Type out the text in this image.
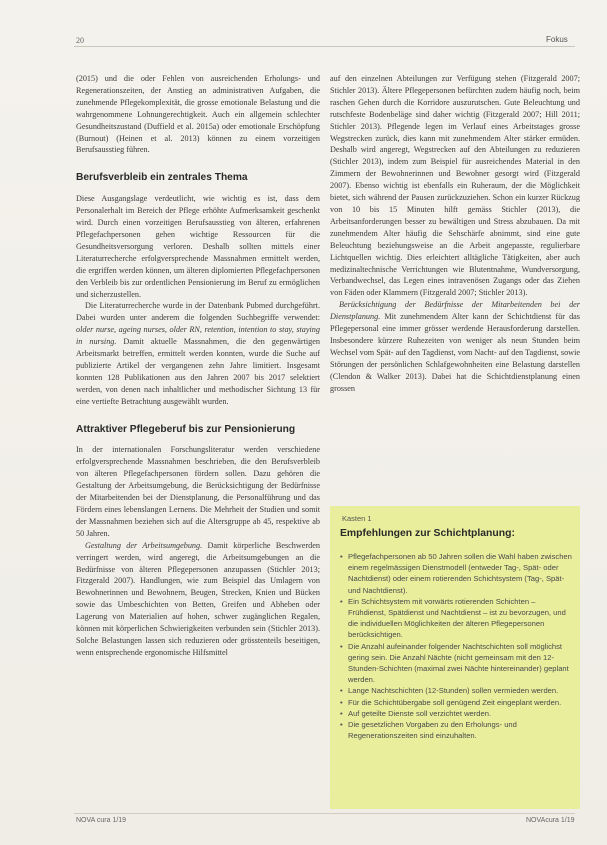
20	Fokus

(2015) und die oder Fehlen von ausreichenden Erholungs- und Regenerationszeiten, der Anstieg an administrativen Aufgaben, die zunehmende Pflegekomplexität, die grosse emotionale Belastung und die wahrgenommene Lohnungerechtigkeit. Auch ein allgemein schlechter Gesundheitszustand (Duffield et al. 2015a) oder emotionale Erschöpfung (Burnout) (Heinen et al. 2013) können zu einem vorzeitigen Berufsausstieg führen.

Berufsverbleib ein zentrales Thema

Diese Ausgangslage verdeutlicht, wie wichtig es ist, dass dem Personalerhalt im Bereich der Pflege erhöhte Aufmerksamkeit geschenkt wird. Durch einen vorzeitigen Berufsausstieg von älteren, erfahrenen Pflegefachpersonen gehen wichtige Ressourcen für die Gesundheitsversorgung verloren. Deshalb sollten mittels einer Literaturrecherche erfolgversprechende Massnahmen ermittelt werden, die ergriffen werden können, um älteren diplomierten Pflegefachpersonen den Verbleib bis zur ordentlichen Pensionierung im Beruf zu ermöglichen und sicherzustellen.

Die Literaturrecherche wurde in der Datenbank Pubmed durchgeführt. Dabei wurden unter anderem die folgenden Suchbegriffe verwendet: older nurse, ageing nurses, older RN, retention, intention to stay, staying in nursing. Damit aktuelle Massnahmen, die den gegenwärtigen Arbeitsmarkt betreffen, ermittelt werden konnten, wurde die Suche auf publizierte Artikel der vergangenen zehn Jahre limitiert. Insgesamt konnten 128 Publikationen aus den Jahren 2007 bis 2017 selektiert werden, von denen nach inhaltlicher und methodischer Sichtung 13 für eine vertiefte Betrachtung ausgewählt wurden.

Attraktiver Pflegeberuf bis zur Pensionierung

In der internationalen Forschungsliteratur werden verschiedene erfolgversprechende Massnahmen beschrieben, die den Berufsverbleib von älteren Pflegefachpersonen fördern sollen. Dazu gehören die Gestaltung der Arbeitsumgebung, die Berücksichtigung der Bedürfnisse der Mitarbeitenden bei der Dienstplanung, die Personalführung und das Fördern eines lebenslangen Lernens. Die Mehrheit der Studien und somit der Massnahmen beziehen sich auf die Altersgruppe ab 45, respektive ab 50 Jahren.

Gestaltung der Arbeitsumgebung. Damit körperliche Beschwerden verringert werden, wird angeregt, die Arbeitsumgebungen an die Bedürfnisse von älteren Pflegepersonen anzupassen (Stichler 2013; Fitzgerald 2007). Handlungen, wie zum Beispiel das Umlagern von Bewohnerinnen und Bewohnern, Beugen, Strecken, Knien und Bücken sowie das Umbeschichten von Betten, Greifen und Abheben oder Lagerung von Materialien auf hohen, schwer zugänglichen Regalen, können mit körperlichen Schwierigkeiten verbunden sein (Stichler 2013). Solche Belastungen lassen sich reduzieren oder grösstenteils beseitigen, wenn entsprechende ergonomische Hilfsmittel

auf den einzelnen Abteilungen zur Verfügung stehen (Fitzgerald 2007; Stichler 2013). Ältere Pflegepersonen befürchten zudem häufig noch, beim raschen Gehen durch die Korridore auszurutschen. Gute Beleuchtung und rutschfeste Bodenbeläge sind daher wichtig (Fitzgerald 2007; Hill 2011; Stichler 2013). Pflegende legen im Verlauf eines Arbeitstages grosse Wegstrecken zurück, dies kann mit zunehmendem Alter stärker ermüden. Deshalb wird angeregt, Wegstrecken auf den Abteilungen zu reduzieren (Stichler 2013), indem zum Beispiel für ausreichendes Material in den Zimmern der Bewohnerinnen und Bewohner gesorgt wird (Fitzgerald 2007). Ebenso wichtig ist ebenfalls ein Ruheraum, der die Möglichkeit bietet, sich während der Pausen zurückzuziehen. Schon ein kurzer Rückzug von 10 bis 15 Minuten hilft gemäss Stichler (2013), die Arbeitsanforderungen besser zu bewältigen und Stress abzubauen. Da mit zunehmendem Alter häufig die Sehschärfe abnimmt, sind eine gute Beleuchtung beziehungsweise an die Arbeit angepasste, regulierbare Lichtquellen wichtig. Dies erleichtert alltägliche Tätigkeiten, aber auch medizinaltechnische Verrichtungen wie Blutentnahme, Wundversorgung, Verbandwechsel, das Legen eines intravenösen Zugangs oder das Ziehen von Fäden oder Klammern (Fitzgerald 2007; Stichler 2013).

Berücksichtigung der Bedürfnisse der Mitarbeitenden bei der Dienstplanung. Mit zunehmendem Alter kann der Schichtdienst für das Pflegepersonal eine immer grösser werdende Herausforderung darstellen. Insbesondere kürzere Ruhezeiten von weniger als neun Stunden beim Wechsel vom Spät- auf den Tagdienst, vom Nacht- auf den Tagdienst, sowie Störungen der persönlichen Schlafgewohnheiten eine Belastung darstellen (Clendon & Walker 2013). Dabei hat die Schichtdienstplanung einen grossen

Kasten 1
Empfehlungen zur Schichtplanung:
• Pflegefachpersonen ab 50 Jahren sollen die Wahl haben zwischen einem regelmässigen Dienstmodell (entweder Tag-, Spät- oder Nachtdienst) oder einem rotierenden Schichtsystem (Tag-, Spät- und Nachtdienst).
• Ein Schichtsystem mit vorwärts rotierenden Schichten – Frühdienst, Spätdienst und Nachtdienst – ist zu bevorzugen, und die individuellen Möglichkeiten der älteren Pflegepersonen berücksichtigen.
• Die Anzahl aufeinander folgender Nachtschichten soll möglichst gering sein. Die Anzahl Nächte (nicht gemeinsam mit den 12-Stunden-Schichten (maximal zwei Nächte hintereinander) geplant werden.
• Lange Nachtschichten (12-Stunden) sollen vermieden werden.
• Für die Schichtübergabe soll genügend Zeit eingeplant werden.
• Auf geteilte Dienste soll verzichtet werden.
• Die gesetzlichen Vorgaben zu den Erholungs- und Regenerationszeiten sind einzuhalten.
NOVA cura 1/19	NOVAcura 1/19
